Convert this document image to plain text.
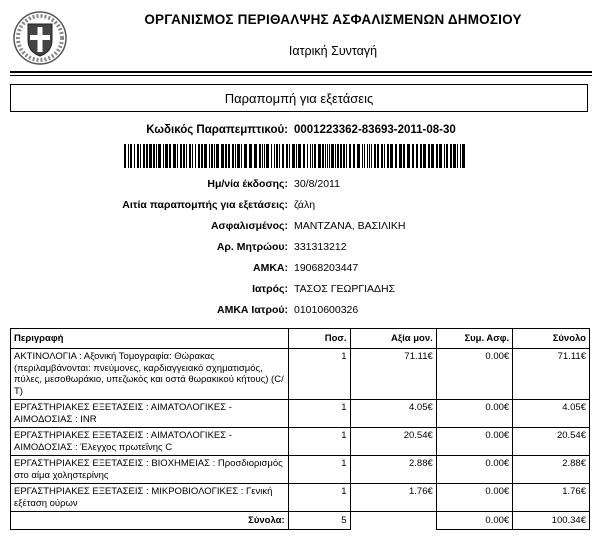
ΟΡΓΑΝΙΣΜΟΣ ΠΕΡΙΘΑΛΨΗΣ ΑΣΦΑΛΙΣΜΕΝΩΝ ΔΗΜΟΣΙΟΥ
Ιατρική Συνταγή
Παραπομπή για εξετάσεις
Κωδικός Παραπεμπτικού: 0001223362-83693-2011-08-30
Ημ/νία έκδοσης: 30/8/2011
Αιτία παραπομπής για εξετάσεις: ζάλη
Ασφαλισμένος: ΜΑΝΤΖΑΝΑ, ΒΑΣΙΛΙΚΗ
Αρ. Μητρώου: 331313212
ΑΜΚΑ: 19068203447
Ιατρός: ΤΑΣΟΣ ΓΕΩΡΓΙΑΔΗΣ
ΑΜΚΑ Ιατρού: 01010600326
Περιγραφή	Ποσ.	Αξία μον.	Συμ. Ασφ.	Σύνολο
ΑΚΤΙΝΟΛΟΓΙΑ : Αξονική Τομογραφία: Θώρακας (περιλαμβάνονται: πνεύμονες, καρδιαγγειακό σχηματισμός, πύλες, μεσοθωράκιο, υπεζωκός και οστά θωρακικού κήτους) (C/ T)	1	71.11€	0.00€	71.11€
ΕΡΓΑΣΤΗΡΙΑΚΕΣ ΕΞΕΤΑΣΕΙΣ : ΑΙΜΑΤΟΛΟΓΙΚΕΣ - ΑΙΜΟΔΟΣΙΑΣ : INR	1	4.05€	0.00€	4.05€
ΕΡΓΑΣΤΗΡΙΑΚΕΣ ΕΞΕΤΑΣΕΙΣ : ΑΙΜΑΤΟΛΟΓΙΚΕΣ - ΑΙΜΟΔΟΣΙΑΣ : Έλεγχος πρωτεΐνης C	1	20.54€	0.00€	20.54€
ΕΡΓΑΣΤΗΡΙΑΚΕΣ ΕΞΕΤΑΣΕΙΣ : ΒΙΟΧΗΜΕΙΑΣ : Προσδιορισμός στο αίμα χοληστερίνης	1	2.88€	0.00€	2.88€
ΕΡΓΑΣΤΗΡΙΑΚΕΣ ΕΞΕΤΑΣΕΙΣ : ΜΙΚΡΟΒΙΟΛΟΓΙΚΕΣ : Γενική εξέταση ούρων	1	1.76€	0.00€	1.76€
Σύνολα:	5		0.00€	100.34€
